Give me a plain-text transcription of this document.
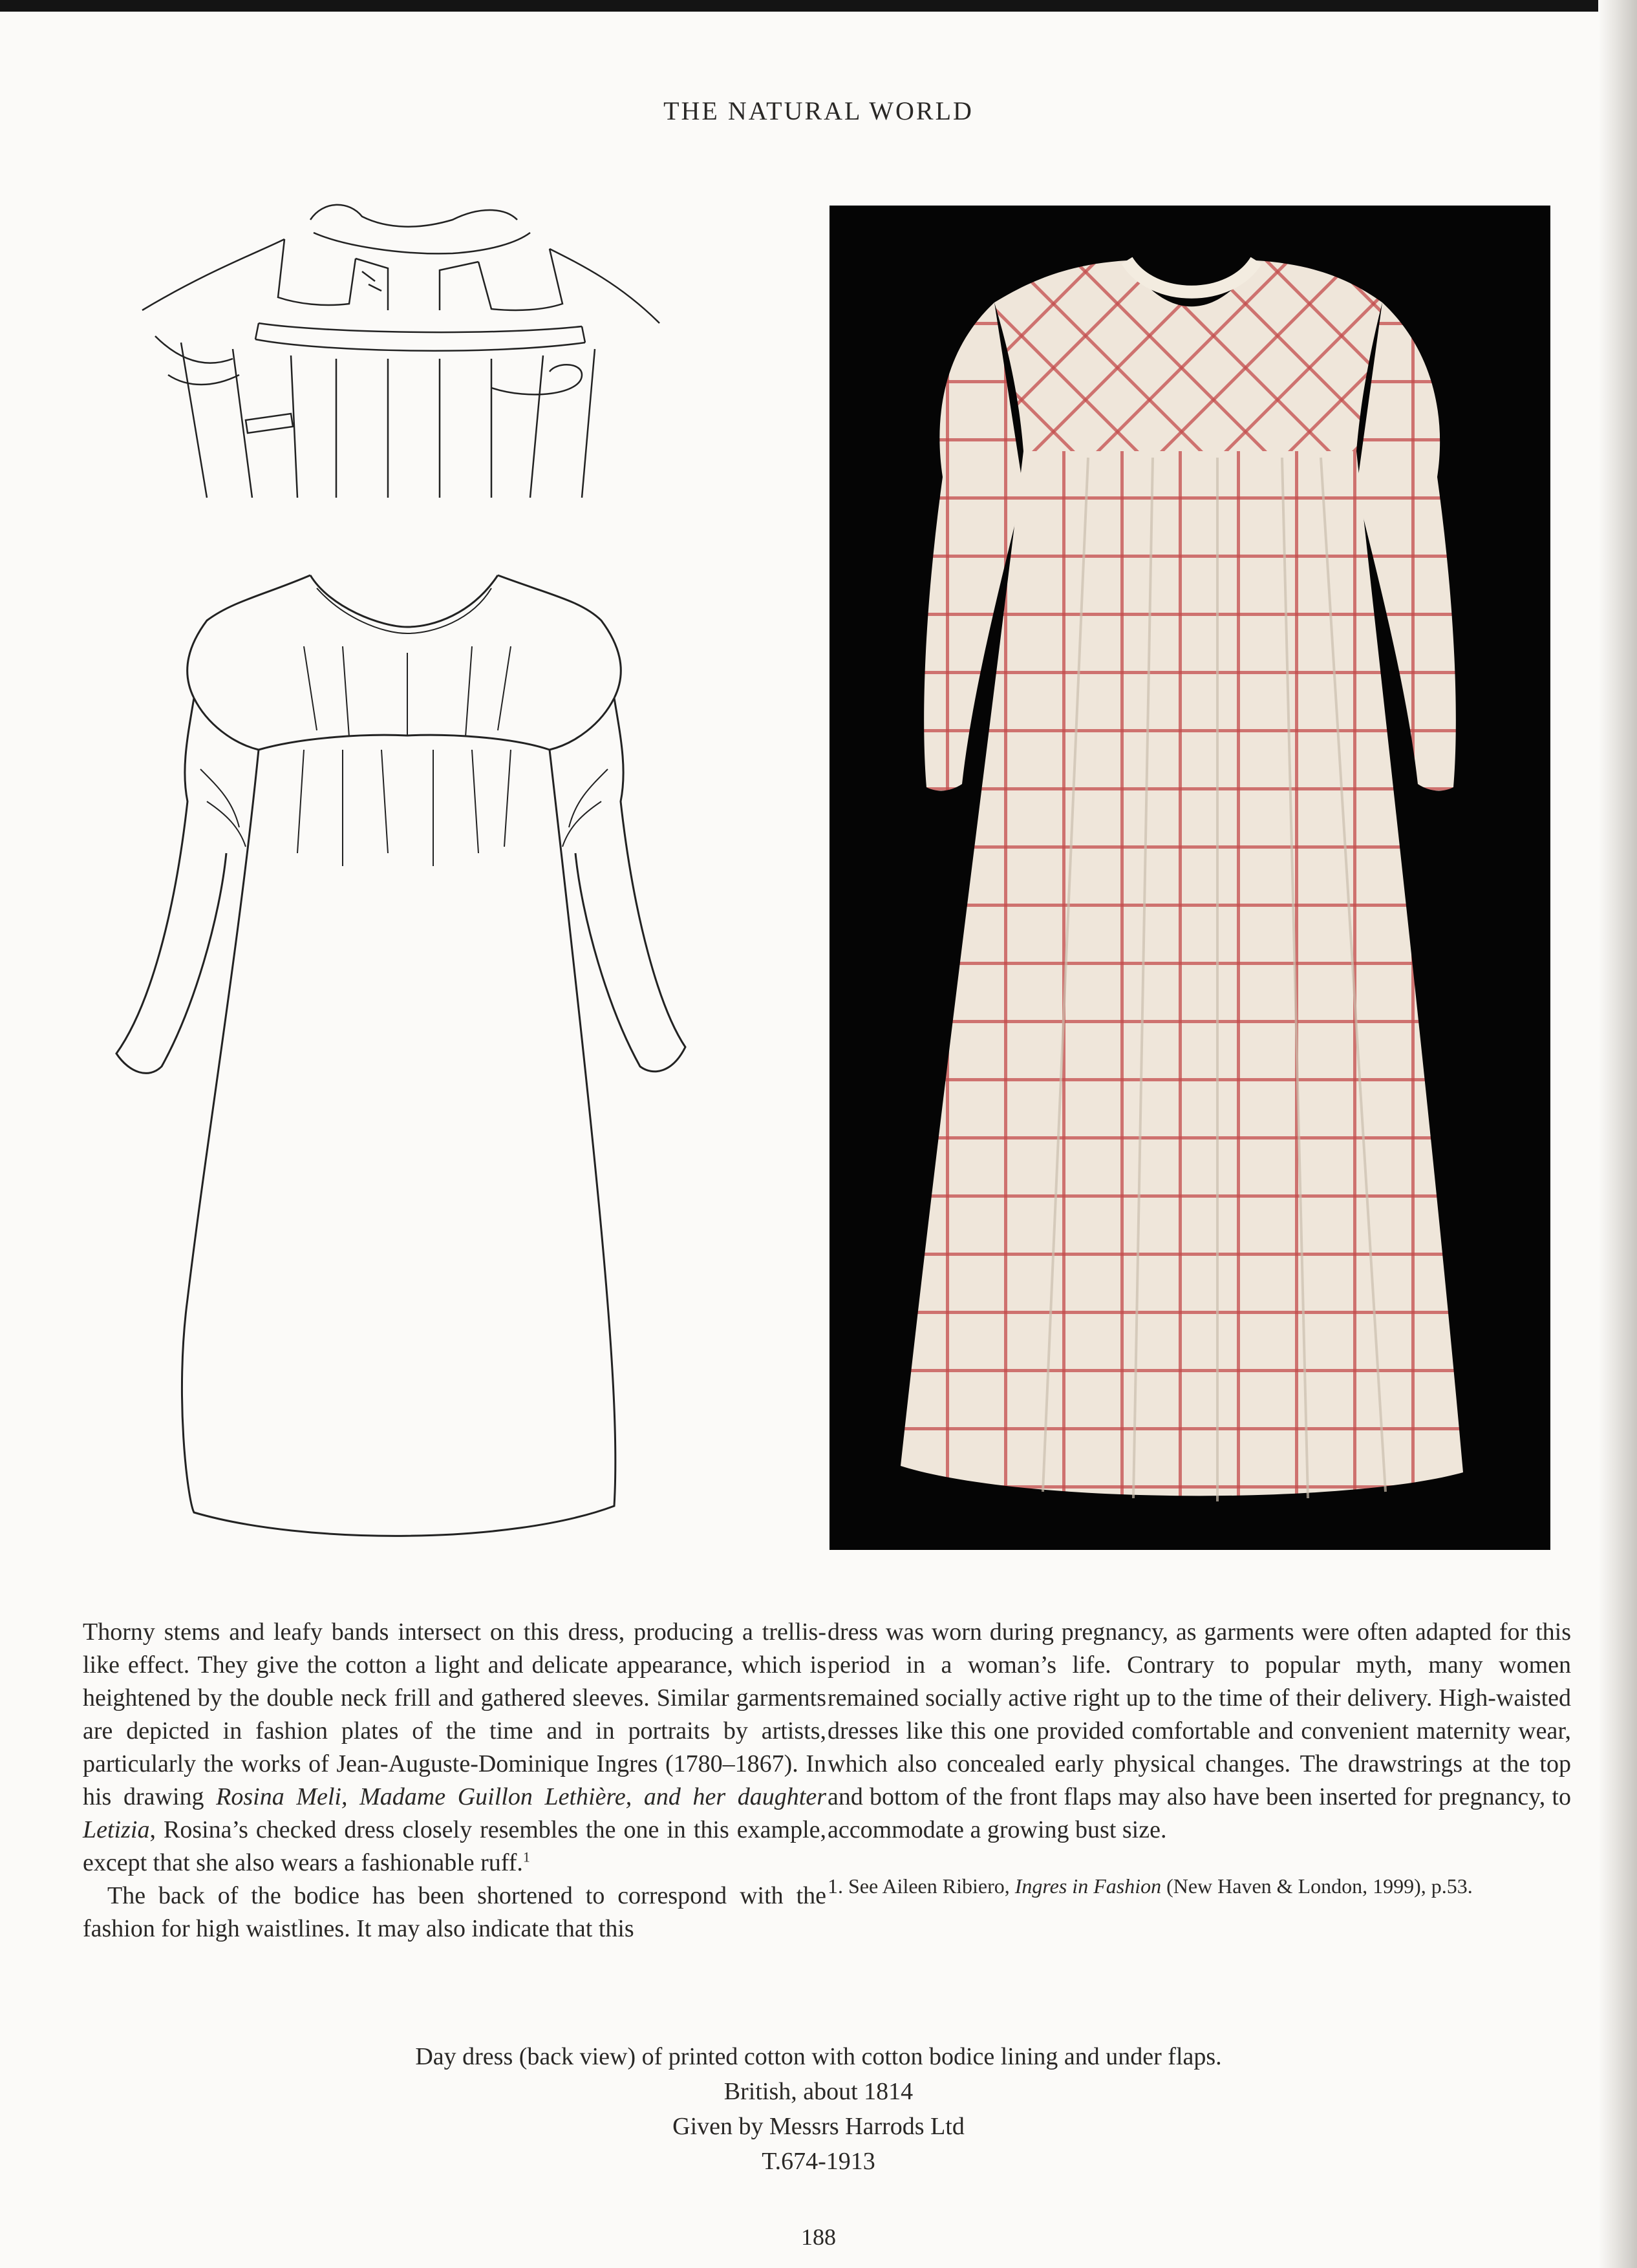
THE NATURAL WORLD

Thorny stems and leafy bands intersect on this dress, producing a trellis-like effect. They give the cotton a light and delicate appearance, which is heightened by the double neck frill and gathered sleeves. Similar garments are depicted in fashion plates of the time and in portraits by artists, particularly the works of Jean-Auguste-Dominique Ingres (1780–1867). In his drawing Rosina Meli, Madame Guillon Lethière, and her daughter Letizia, Rosina’s checked dress closely resembles the one in this example, except that she also wears a fashionable ruff.$^1$

The back of the bodice has been shortened to correspond with the fashion for high waistlines. It may also indicate that this

dress was worn during pregnancy, as garments were often adapted for this period in a woman’s life. Contrary to popular myth, many women remained socially active right up to the time of their delivery. High-waisted dresses like this one provided comfortable and convenient maternity wear, which also concealed early physical changes. The drawstrings at the top and bottom of the front flaps may also have been inserted for pregnancy, to accommodate a growing bust size.

1. See Aileen Ribiero, Ingres in Fashion (New Haven & London, 1999), p.53.

Day dress (back view) of printed cotton with cotton bodice lining and under flaps.
British, about 1814
Given by Messrs Harrods Ltd
T.674-1913
188
